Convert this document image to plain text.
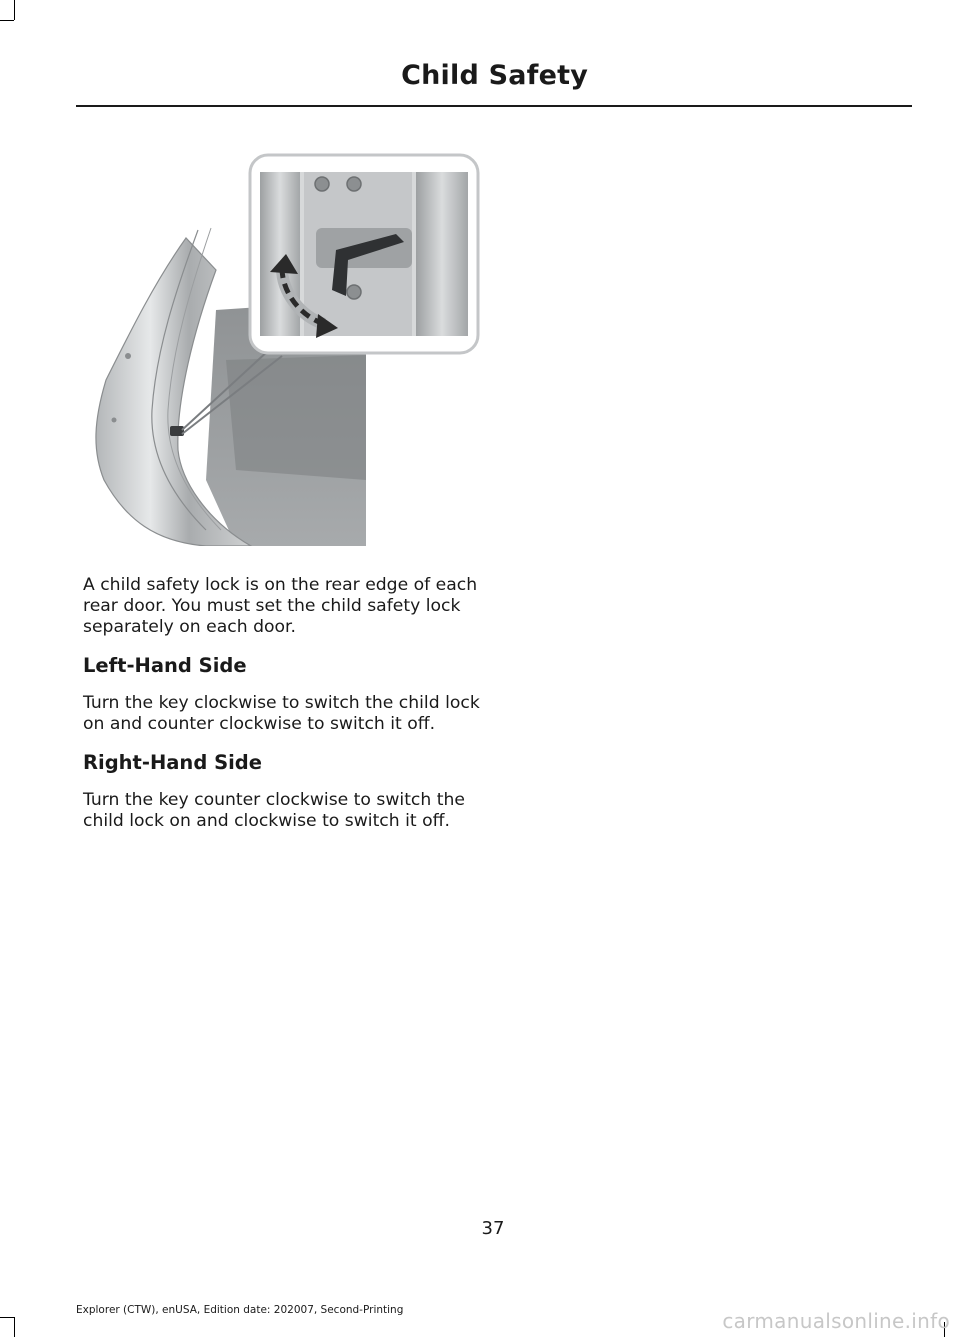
Child Safety

A child safety lock is on the rear edge of each rear door. You must set the child safety lock separately on each door.

Left-Hand Side

Turn the key clockwise to switch the child lock on and counter clockwise to switch it off.

Right-Hand Side

Turn the key counter clockwise to switch the child lock on and clockwise to switch it off.

37
Explorer (CTW), enUSA, Edition date: 202007, Second-Printing	carmanualsonline.info
